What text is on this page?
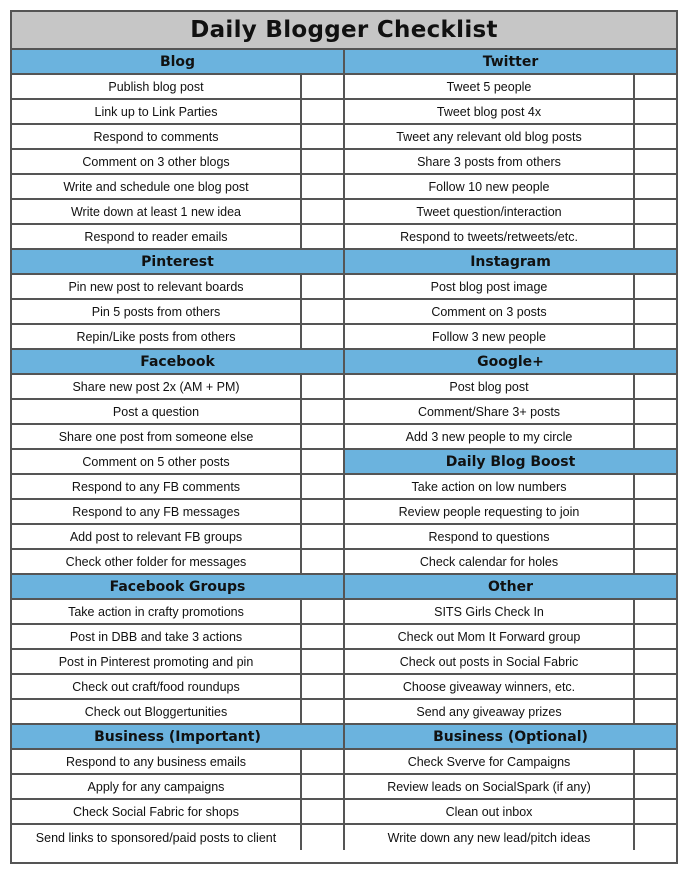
Daily Blogger Checklist
Blog
Publish blog post
Link up to Link Parties
Respond to comments
Comment on 3 other blogs
Write and schedule one blog post
Write down at least 1 new idea
Respond to reader emails
Pinterest
Pin new post to relevant boards
Pin 5 posts from others
Repin/Like posts from others
Facebook
Share new post 2x (AM + PM)
Post a question
Share one post from someone else
Comment on 5 other posts
Respond to any FB comments
Respond to any FB messages
Add post to relevant FB groups
Check other folder for messages
Facebook Groups
Take action in crafty promotions
Post in DBB and take 3 actions
Post in Pinterest promoting and pin
Check out craft/food roundups
Check out Bloggertunities
Business (Important)
Respond to any business emails
Apply for any campaigns
Check Social Fabric for shops
Send links to sponsored/paid posts to client
Twitter
Tweet 5 people
Tweet blog post 4x
Tweet any relevant old blog posts
Share 3 posts from others
Follow 10 new people
Tweet question/interaction
Respond to tweets/retweets/etc.
Instagram
Post blog post image
Comment on 3 posts
Follow 3 new people
Google+
Post blog post
Comment/Share 3+ posts
Add 3 new people to my circle
Daily Blog Boost
Take action on low numbers
Review people requesting to join
Respond to questions
Check calendar for holes
Other
SITS Girls Check In
Check out Mom It Forward group
Check out posts in Social Fabric
Choose giveaway winners, etc.
Send any giveaway prizes
Business (Optional)
Check Sverve for Campaigns
Review leads on SocialSpark (if any)
Clean out inbox
Write down any new lead/pitch ideas
